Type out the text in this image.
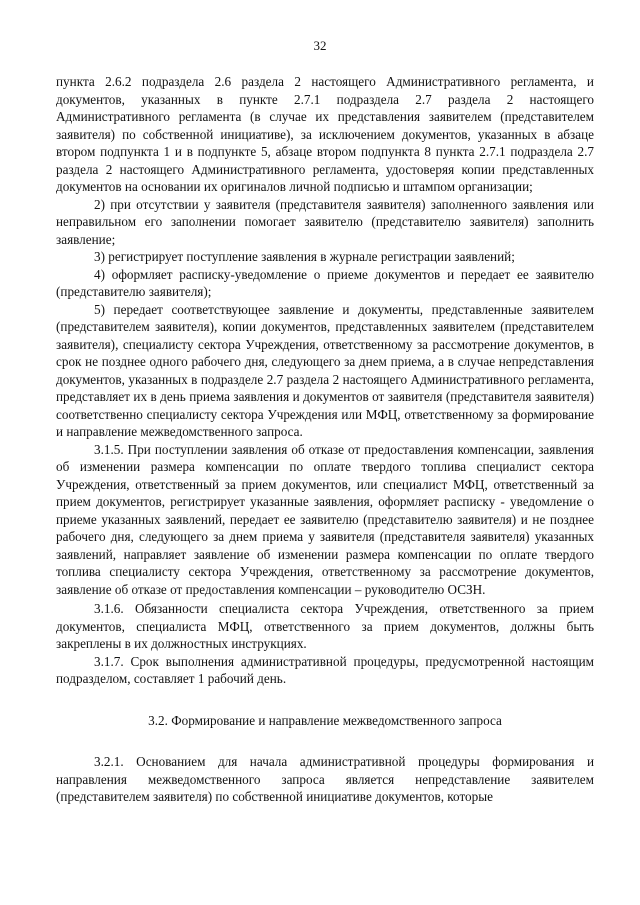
32

пункта 2.6.2 подраздела 2.6 раздела 2 настоящего Административного регламента, и документов, указанных в пункте 2.7.1 подраздела 2.7 раздела 2 настоящего Административного регламента (в случае их представления заявителем (представителем заявителя) по собственной инициативе), за исключением документов, указанных в абзаце втором подпункта 1 и в подпункте 5, абзаце втором подпункта 8 пункта 2.7.1 подраздела 2.7 раздела 2 настоящего Административного регламента, удостоверяя копии представленных документов на основании их оригиналов личной подписью и штампом организации;

2) при отсутствии у заявителя (представителя заявителя) заполненного заявления или неправильном его заполнении помогает заявителю (представителю заявителя) заполнить заявление;

3) регистрирует поступление заявления в журнале регистрации заявлений;

4) оформляет расписку-уведомление о приеме документов и передает ее заявителю (представителю заявителя);

5) передает соответствующее заявление и документы, представленные заявителем (представителем заявителя), копии документов, представленных заявителем (представителем заявителя), специалисту сектора Учреждения, ответственному за рассмотрение документов, в срок не позднее одного рабочего дня, следующего за днем приема, а в случае непредставления документов, указанных в подразделе 2.7 раздела 2 настоящего Административного регламента, представляет их в день приема заявления и документов от заявителя (представителя заявителя) соответственно специалисту сектора Учреждения или МФЦ, ответственному за формирование и направление межведомственного запроса.

3.1.5. При поступлении заявления об отказе от предоставления компенсации, заявления об изменении размера компенсации по оплате твердого топлива специалист сектора Учреждения, ответственный за прием документов, или специалист МФЦ, ответственный за прием документов, регистрирует указанные заявления, оформляет расписку - уведомление о приеме указанных заявлений, передает ее заявителю (представителю заявителя) и не позднее рабочего дня, следующего за днем приема у заявителя (представителя заявителя) указанных заявлений, направляет заявление об изменении размера компенсации по оплате твердого топлива специалисту сектора Учреждения, ответственному за рассмотрение документов, заявление об отказе от предоставления компенсации – руководителю ОСЗН.

3.1.6. Обязанности специалиста сектора Учреждения, ответственного за прием документов, специалиста МФЦ, ответственного за прием документов, должны быть закреплены в их должностных инструкциях.

3.1.7. Срок выполнения административной процедуры, предусмотренной настоящим подразделом, составляет 1 рабочий день.

3.2. Формирование и направление межведомственного запроса

3.2.1. Основанием для начала административной процедуры формирования и направления межведомственного запроса является непредставление заявителем (представителем заявителя) по собственной инициативе документов, которые
